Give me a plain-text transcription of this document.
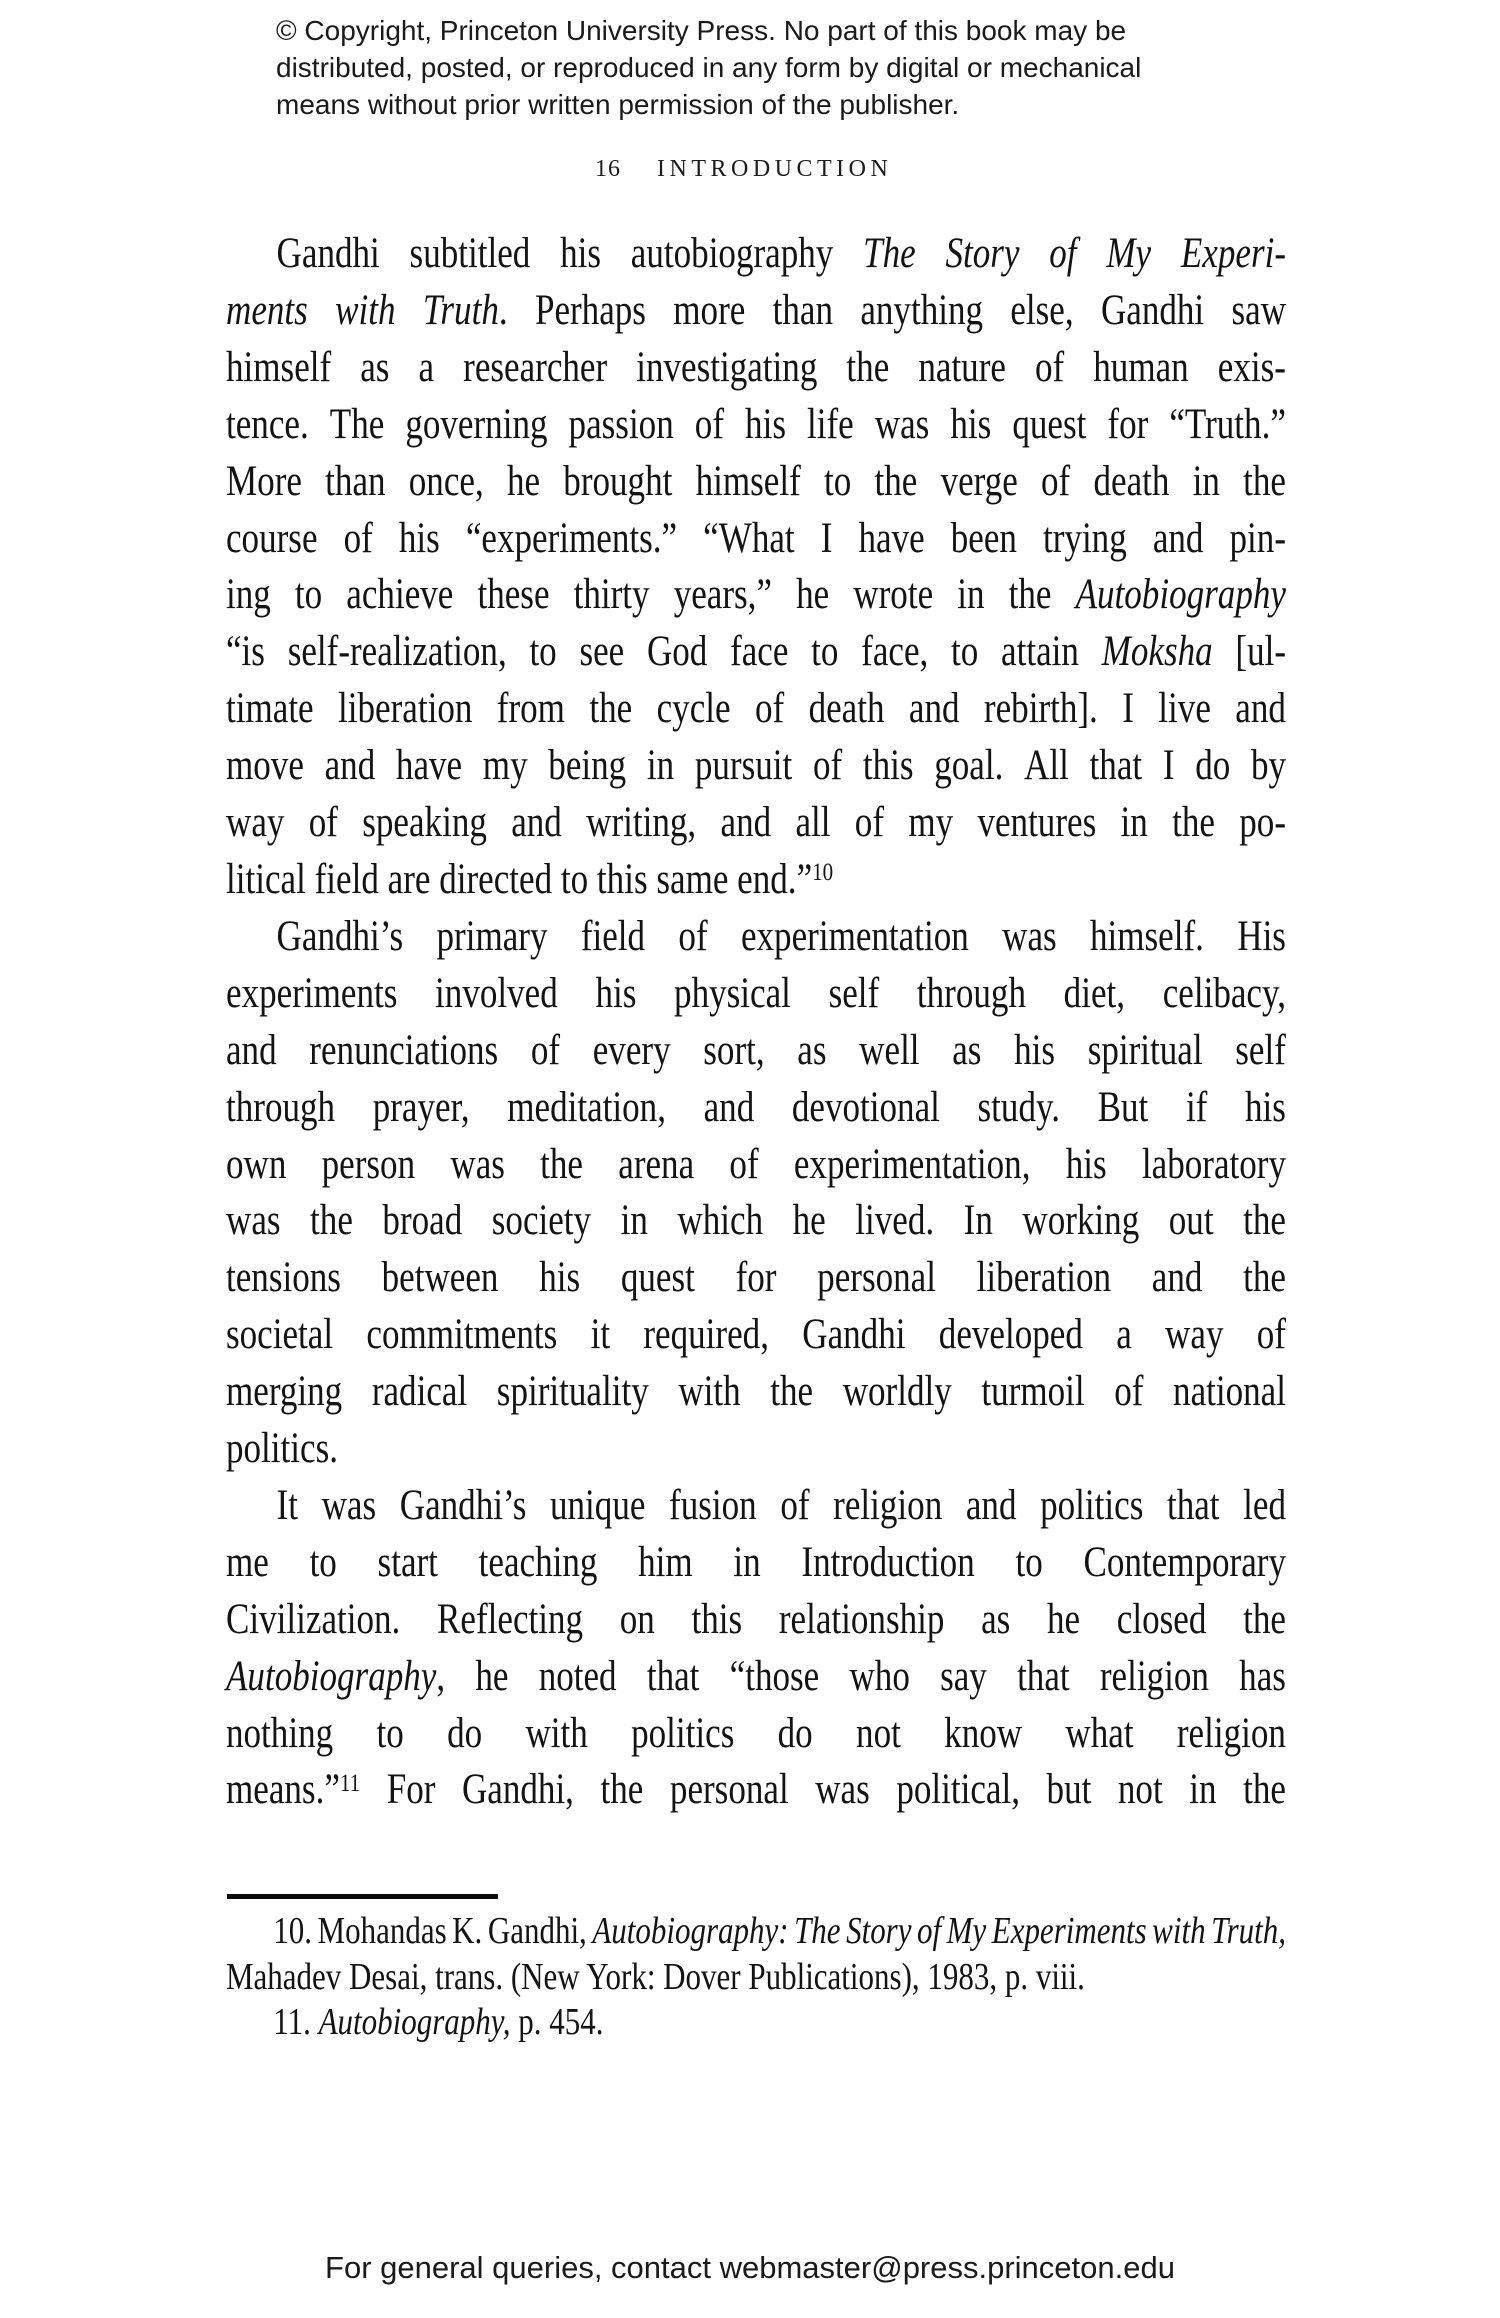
© Copyright, Princeton University Press. No part of this book may be
distributed, posted, or reproduced in any form by digital or mechanical
means without prior written permission of the publisher.
16 INTRODUCTION
Gandhi subtitled his autobiography The Story of My Experi-
ments with Truth. Perhaps more than anything else, Gandhi saw
himself as a researcher investigating the nature of human exis-
tence. The governing passion of his life was his quest for “Truth.”
More than once, he brought himself to the verge of death in the
course of his “experiments.” “What I have been trying and pin-
ing to achieve these thirty years,” he wrote in the Autobiography
“is self-realization, to see God face to face, to attain Moksha [ul-
timate liberation from the cycle of death and rebirth]. I live and
move and have my being in pursuit of this goal. All that I do by
way of speaking and writing, and all of my ventures in the po-
litical field are directed to this same end.”$^{10}$
Gandhi’s primary field of experimentation was himself. His
experiments involved his physical self through diet, celibacy,
and renunciations of every sort, as well as his spiritual self
through prayer, meditation, and devotional study. But if his
own person was the arena of experimentation, his laboratory
was the broad society in which he lived. In working out the
tensions between his quest for personal liberation and the
societal commitments it required, Gandhi developed a way of
merging radical spirituality with the worldly turmoil of national
politics.
It was Gandhi’s unique fusion of religion and politics that led
me to start teaching him in Introduction to Contemporary
Civilization. Reflecting on this relationship as he closed the
Autobiography, he noted that “those who say that religion has
nothing to do with politics do not know what religion
means.”$^{11}$ For Gandhi, the personal was political, but not in the
10. Mohandas K. Gandhi, Autobiography: The Story of My Experiments with Truth,
Mahadev Desai, trans. (New York: Dover Publications), 1983, p. viii.
11. Autobiography, p. 454.
For general queries, contact webmaster@press.princeton.edu
